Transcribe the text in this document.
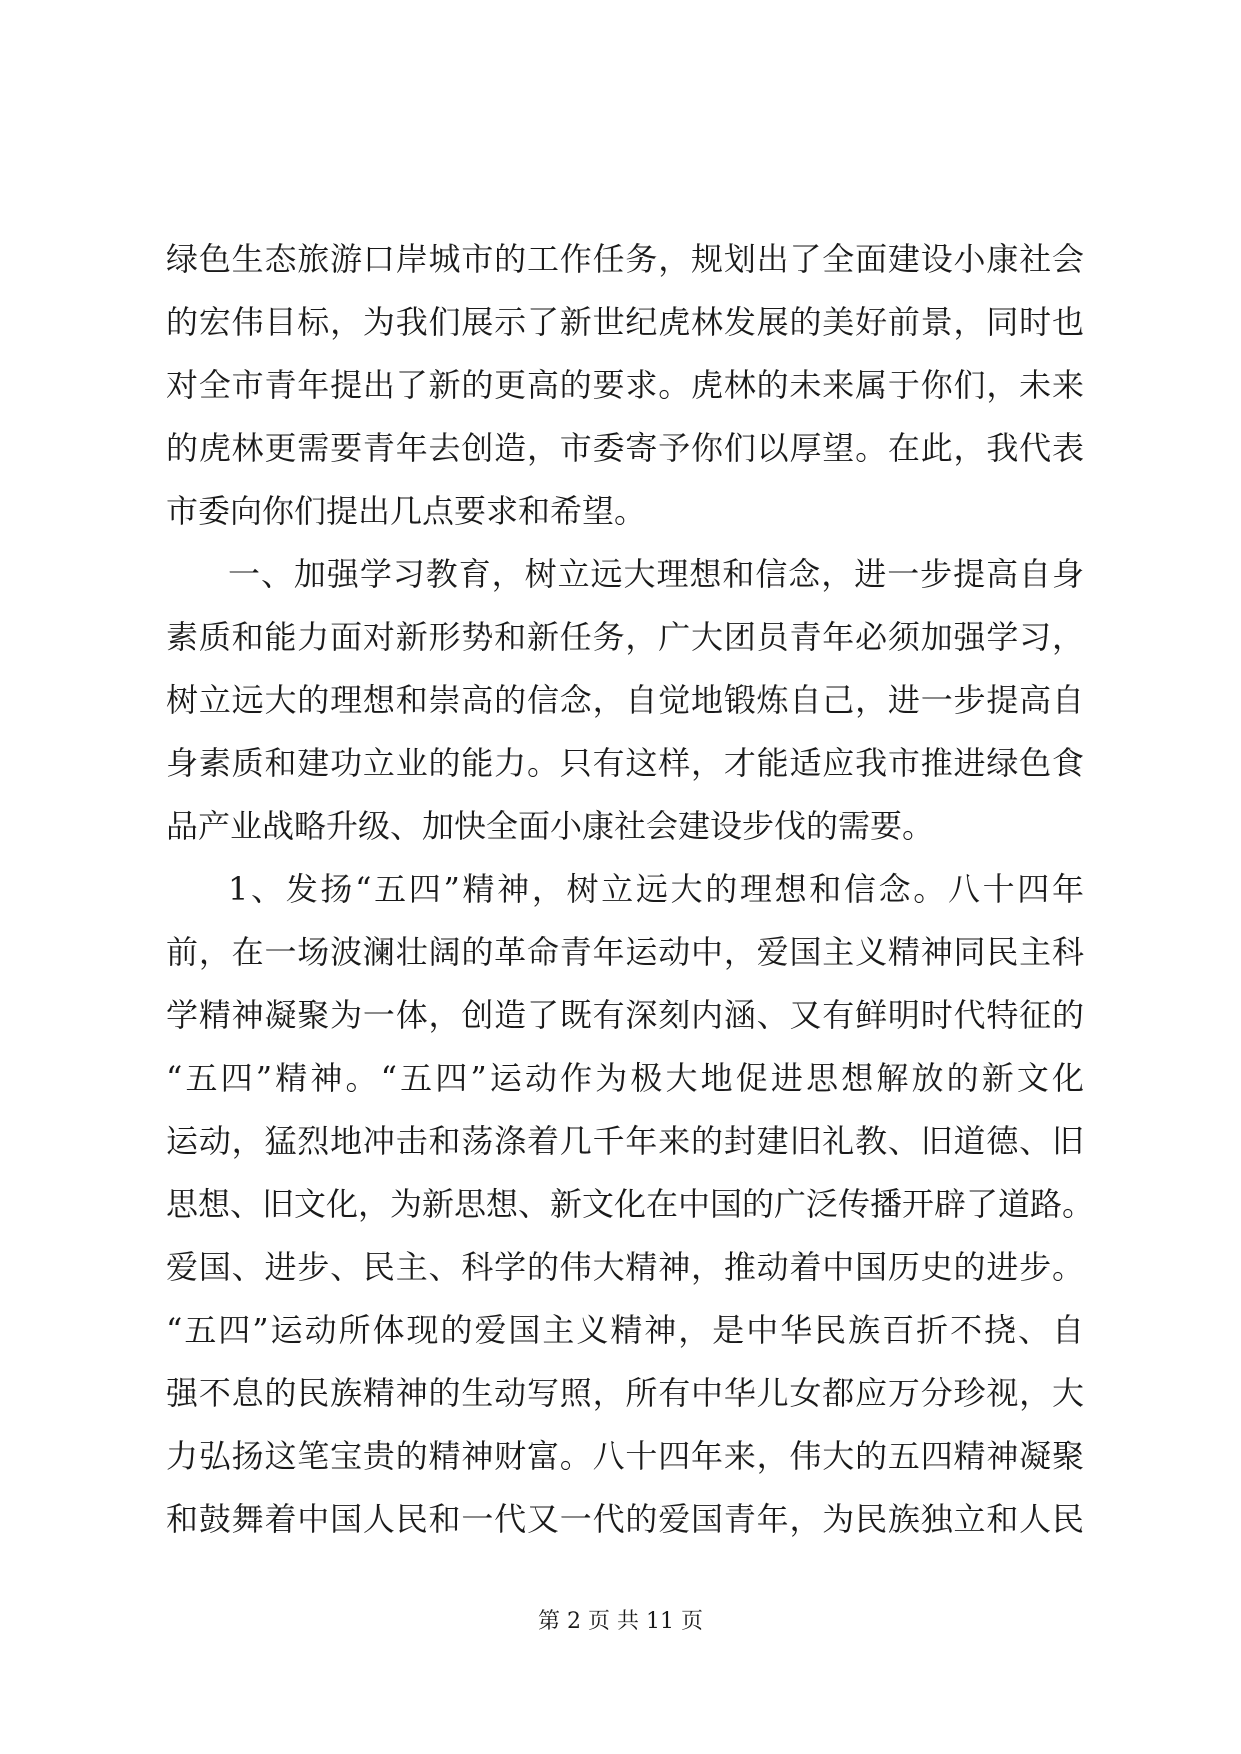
绿色生态旅游口岸城市的工作任务，规划出了全面建设小康社会
的宏伟目标，为我们展示了新世纪虎林发展的美好前景，同时也
对全市青年提出了新的更高的要求。虎林的未来属于你们，未来
的虎林更需要青年去创造，市委寄予你们以厚望。在此，我代表
市委向你们提出几点要求和希望。
一、加强学习教育，树立远大理想和信念，进一步提高自身
素质和能力面对新形势和新任务，广大团员青年必须加强学习，
树立远大的理想和崇高的信念，自觉地锻炼自己，进一步提高自
身素质和建功立业的能力。只有这样，才能适应我市推进绿色食
品产业战略升级、加快全面小康社会建设步伐的需要。
1、发扬“五四”精神，树立远大的理想和信念。八十四年
前，在一场波澜壮阔的革命青年运动中，爱国主义精神同民主科
学精神凝聚为一体，创造了既有深刻内涵、又有鲜明时代特征的
“五四”精神。“五四”运动作为极大地促进思想解放的新文化
运动，猛烈地冲击和荡涤着几千年来的封建旧礼教、旧道德、旧
思想、旧文化，为新思想、新文化在中国的广泛传播开辟了道路。
爱国、进步、民主、科学的伟大精神，推动着中国历史的进步。
“五四”运动所体现的爱国主义精神，是中华民族百折不挠、自
强不息的民族精神的生动写照，所有中华儿女都应万分珍视，大
力弘扬这笔宝贵的精神财富。八十四年来，伟大的五四精神凝聚
和鼓舞着中国人民和一代又一代的爱国青年，为民族独立和人民
第 2 页 共 11 页
